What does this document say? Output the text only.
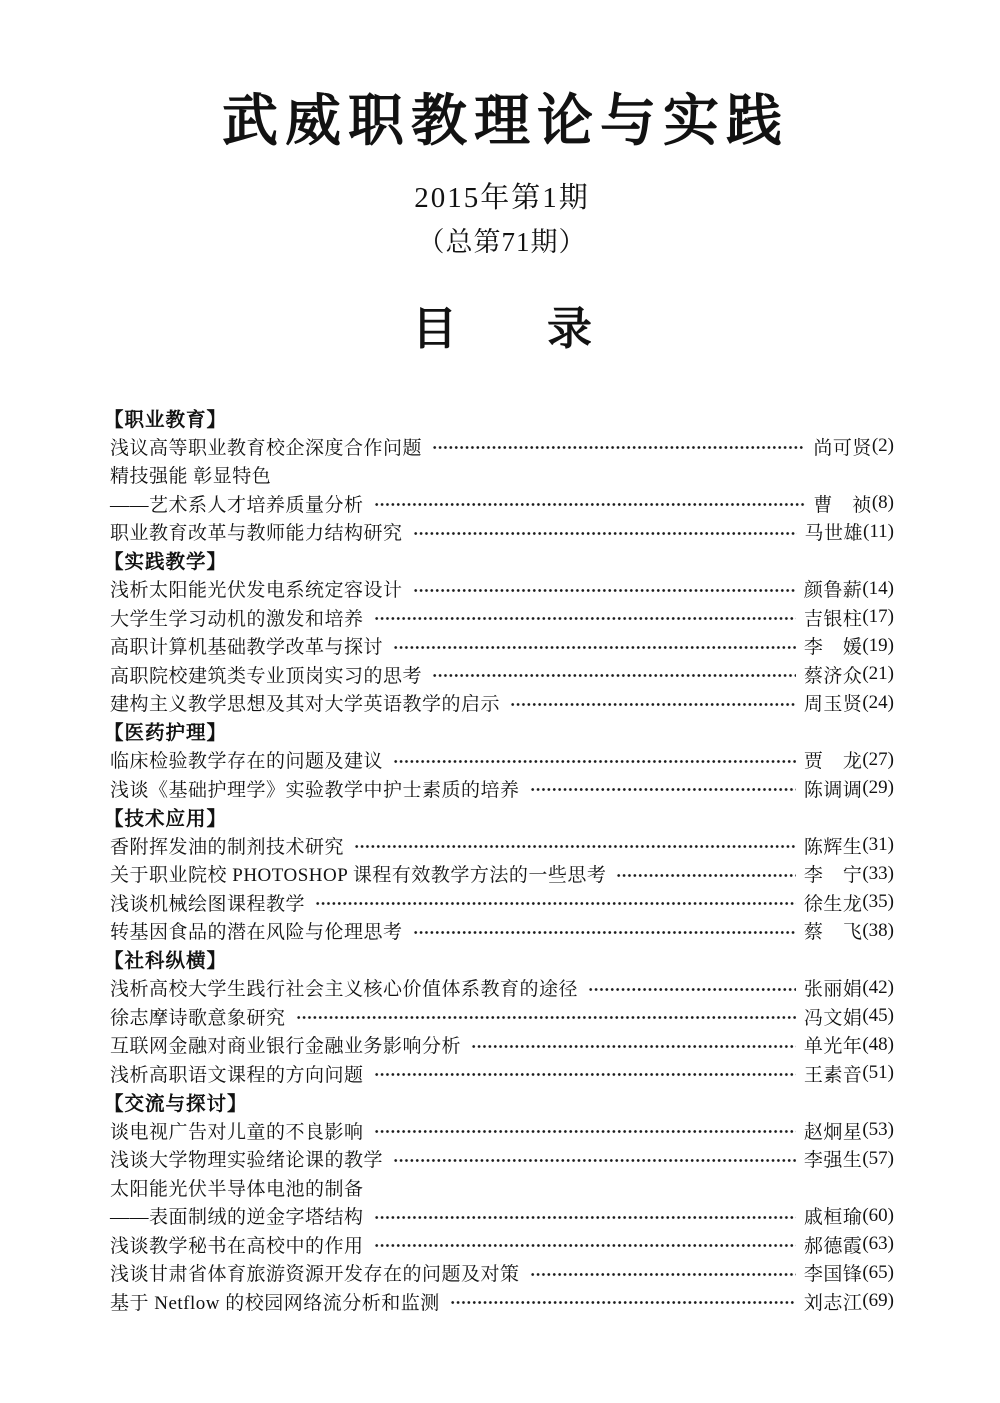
武威职教理论与实践
2015年第1期
（总第71期）
目　　录
【职业教育】
浅议高等职业教育校企深度合作问题	尚可贤 (2)
精技强能 彰显特色
——艺术系人才培养质量分析	曹　祯 (8)
职业教育改革与教师能力结构研究	马世雄 (11)
【实践教学】
浅析太阳能光伏发电系统定容设计	颜鲁薪 (14)
大学生学习动机的激发和培养	吉银柱 (17)
高职计算机基础教学改革与探讨	李　媛 (19)
高职院校建筑类专业顶岗实习的思考	蔡济众 (21)
建构主义教学思想及其对大学英语教学的启示	周玉贤 (24)
【医药护理】
临床检验教学存在的问题及建议	贾　龙 (27)
浅谈《基础护理学》实验教学中护士素质的培养	陈调调 (29)
【技术应用】
香附挥发油的制剂技术研究	陈辉生 (31)
关于职业院校 PHOTOSHOP 课程有效教学方法的一些思考	李　宁 (33)
浅谈机械绘图课程教学	徐生龙 (35)
转基因食品的潜在风险与伦理思考	蔡　飞 (38)
【社科纵横】
浅析高校大学生践行社会主义核心价值体系教育的途径	张丽娟 (42)
徐志摩诗歌意象研究	冯文娟 (45)
互联网金融对商业银行金融业务影响分析	单光年 (48)
浅析高职语文课程的方向问题	王素音 (51)
【交流与探讨】
谈电视广告对儿童的不良影响	赵炯星 (53)
浅谈大学物理实验绪论课的教学	李强生 (57)
太阳能光伏半导体电池的制备
——表面制绒的逆金字塔结构	戚桓瑜 (60)
浅谈教学秘书在高校中的作用	郝德霞 (63)
浅谈甘肃省体育旅游资源开发存在的问题及对策	李国锋 (65)
基于 Netflow 的校园网络流分析和监测	刘志江 (69)
